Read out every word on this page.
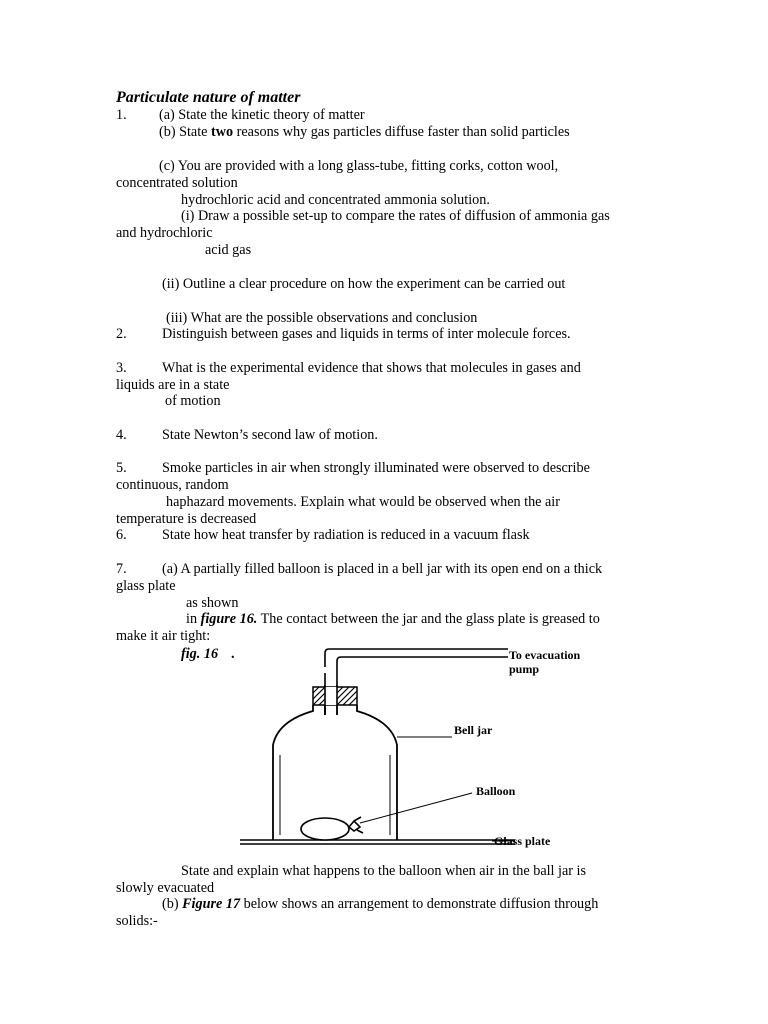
Particulate nature of matter
1. (a) State the kinetic theory of matter
(b) State two reasons why gas particles diffuse faster than solid particles
(c) You are provided with a long glass-tube, fitting corks, cotton wool,
concentrated solution
hydrochloric acid and concentrated ammonia solution.
(i) Draw a possible set-up to compare the rates of diffusion of ammonia gas
and hydrochloric
acid gas
(ii) Outline a clear procedure on how the experiment can be carried out
(iii) What are the possible observations and conclusion
2. Distinguish between gases and liquids in terms of inter molecule forces.
3. What is the experimental evidence that shows that molecules in gases and
liquids are in a state
of motion
4. State Newton’s second law of motion.
5. Smoke particles in air when strongly illuminated were observed to describe
continuous, random
haphazard movements. Explain what would be observed when the air
temperature is decreased
6. State how heat transfer by radiation is reduced in a vacuum flask
7. (a) A partially filled balloon is placed in a bell jar with its open end on a thick
glass plate
as shown
in figure 16. The contact between the jar and the glass plate is greased to
make it air tight:
fig. 16 .	To evacuation
pump
Bell jar
Balloon
Glass plate
State and explain what happens to the balloon when air in the ball jar is
slowly evacuated
(b) Figure 17 below shows an arrangement to demonstrate diffusion through
solids:-
